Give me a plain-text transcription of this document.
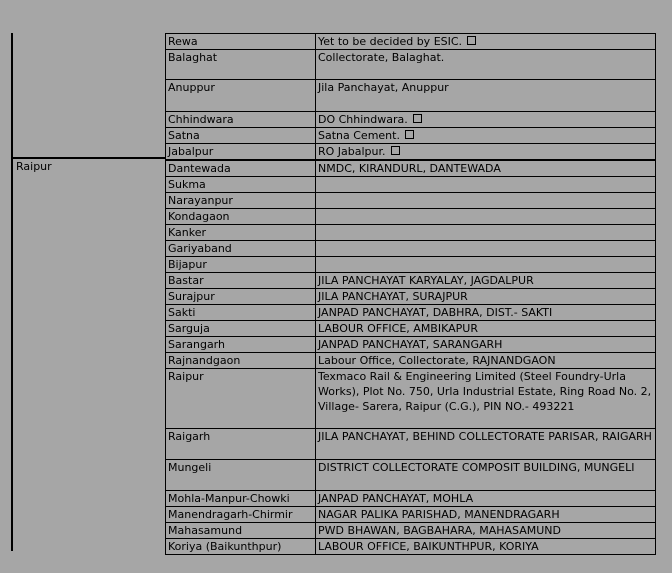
Raipur
Rewa	Yet to be decided by ESIC.
Balaghat	Collectorate, Balaghat.
Anuppur	Jila Panchayat, Anuppur
Chhindwara	DO Chhindwara.
Satna	Satna Cement.
Jabalpur	RO Jabalpur.
Dantewada	NMDC, KIRANDURL, DANTEWADA
Sukma	
Narayanpur	
Kondagaon	
Kanker	
Gariyaband	
Bijapur	
Bastar	JILA PANCHAYAT KARYALAY, JAGDALPUR
Surajpur	JILA PANCHAYAT, SURAJPUR
Sakti	JANPAD PANCHAYAT, DABHRA, DIST.- SAKTI
Sarguja	LABOUR OFFICE, AMBIKAPUR
Sarangarh	JANPAD PANCHAYAT, SARANGARH
Rajnandgaon	Labour Office, Collectorate, RAJNANDGAON
Raipur	Texmaco Rail & Engineering Limited (Steel Foundry-Urla Works), Plot No. 750, Urla Industrial Estate, Ring Road No. 2, Village- Sarera, Raipur (C.G.), PIN NO.- 493221
Raigarh	JILA PANCHAYAT, BEHIND COLLECTORATE PARISAR, RAIGARH
Mungeli	DISTRICT COLLECTORATE COMPOSIT BUILDING, MUNGELI
Mohla-Manpur-Chowki	JANPAD PANCHAYAT, MOHLA
Manendragarh-Chirmir	NAGAR PALIKA PARISHAD, MANENDRAGARH
Mahasamund	PWD BHAWAN, BAGBAHARA, MAHASAMUND
Koriya (Baikunthpur)	LABOUR OFFICE, BAIKUNTHPUR, KORIYA
